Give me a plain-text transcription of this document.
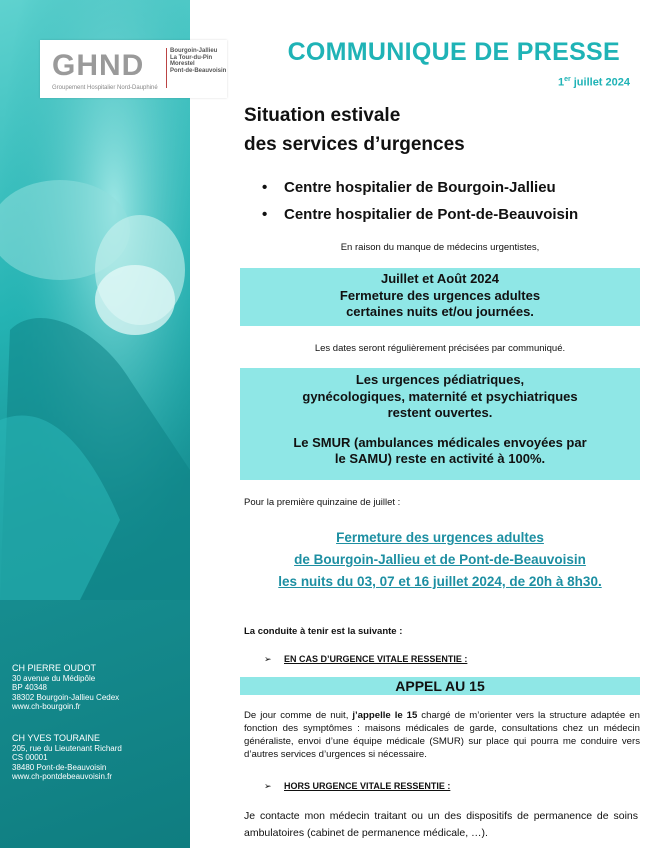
CH PIERRE OUDOT
30 avenue du Médipôle
BP 40348
38302 Bourgoin-Jallieu Cedex
www.ch-bourgoin.fr
CH YVES TOURAINE
205, rue du Lieutenant Richard
CS 00001
38480 Pont-de-Beauvoisin
www.ch-pontdebeauvoisin.fr
GHND
Groupement Hospitalier Nord-Dauphiné
Bourgoin-Jallieu
La Tour-du-Pin
Morestel
Pont-de-Beauvoisin
COMMUNIQUE DE PRESSE
1er juillet 2024
Situation estivale
des services d’urgences
• Centre hospitalier de Bourgoin-Jallieu
• Centre hospitalier de Pont-de-Beauvoisin
En raison du manque de médecins urgentistes,
Juillet et Août 2024
Fermeture des urgences adultes
certaines nuits et/ou journées.
Les dates seront régulièrement précisées par communiqué.
Les urgences pédiatriques,
gynécologiques, maternité et psychiatriques
restent ouvertes.
Le SMUR (ambulances médicales envoyées par
le SAMU) reste en activité à 100%.
Pour la première quinzaine de juillet :
Fermeture des urgences adultes
de Bourgoin-Jallieu et de Pont-de-Beauvoisin
les nuits du 03, 07 et 16 juillet 2024, de 20h à 8h30.
La conduite à tenir est la suivante :
➢ EN CAS D’URGENCE VITALE RESSENTIE :
APPEL AU 15
De jour comme de nuit, j’appelle le 15 chargé de m’orienter vers la structure adaptée en fonction des symptômes : maisons médicales de garde, consultations chez un médecin généraliste, envoi d’une équipe médicale (SMUR) sur place qui pourra me conduire vers d’autres services d’urgences si nécessaire.
➢ HORS URGENCE VITALE RESSENTIE :
Je contacte mon médecin traitant ou un des dispositifs de permanence de soins ambulatoires (cabinet de permanence médicale, …).
